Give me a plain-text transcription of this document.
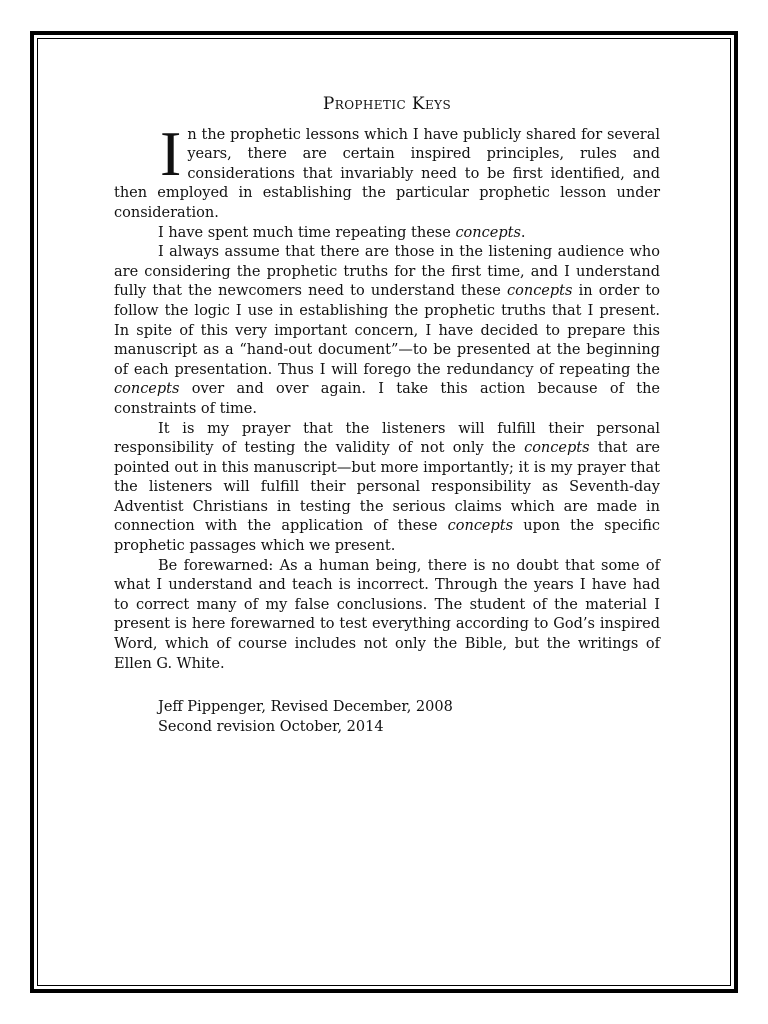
Prophetic Keys

In the prophetic lessons which I have publicly shared for several years, there are certain inspired principles, rules and considerations that invariably need to be first identified, and then employed in establishing the particular prophetic lesson under consideration.

I have spent much time repeating these concepts.

I always assume that there are those in the listening audience who are considering the prophetic truths for the first time, and I understand fully that the newcomers need to understand these concepts in order to follow the logic I use in establishing the prophetic truths that I present. In spite of this very important concern, I have decided to prepare this manuscript as a “hand-out document”—to be presented at the beginning of each presentation. Thus I will forego the redundancy of repeating the concepts over and over again. I take this action because of the constraints of time.

It is my prayer that the listeners will fulfill their personal responsibility of testing the validity of not only the concepts that are pointed out in this manuscript—but more importantly; it is my prayer that the listeners will fulfill their personal responsibility as Seventh-day Adventist Christians in testing the serious claims which are made in connection with the application of these concepts upon the specific prophetic passages which we present.

Be forewarned: As a human being, there is no doubt that some of what I understand and teach is incorrect. Through the years I have had to correct many of my false conclusions. The student of the material I present is here forewarned to test everything according to God’s inspired Word, which of course includes not only the Bible, but the writings of Ellen G. White.

Jeff Pippenger, Revised December, 2008
Second revision October, 2014
